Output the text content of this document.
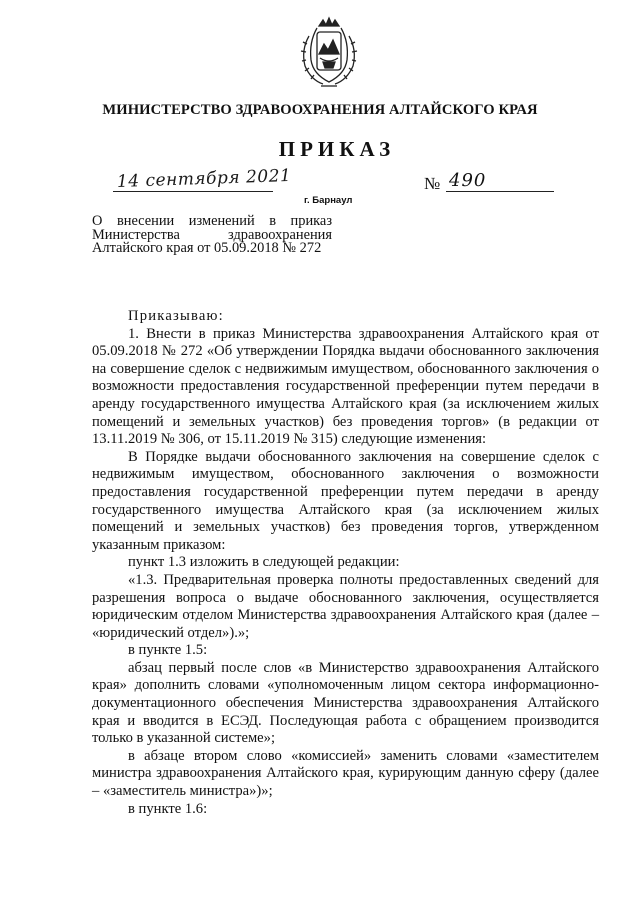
МИНИСТЕРСТВО ЗДРАВООХРАНЕНИЯ АЛТАЙСКОГО КРАЯ
ПРИКАЗ
14 сентября 2021
г. Барнаул
№ 490
О внесении изменений в приказ
Министерства здравоохранения
Алтайского края от 05.09.2018 № 272

Приказываю:

1. Внести в приказ Министерства здравоохранения Алтайского края от 05.09.2018 № 272 «Об утверждении Порядка выдачи обоснованного заключения на совершение сделок с недвижимым имуществом, обоснованного заключения о возможности предоставления государственной преференции путем передачи в аренду государственного имущества Алтайского края (за исключением жилых помещений и земельных участков) без проведения торгов» (в редакции от 13.11.2019 № 306, от 15.11.2019 № 315) следующие изменения:

В Порядке выдачи обоснованного заключения на совершение сделок с недвижимым имуществом, обоснованного заключения о возможности предоставления государственной преференции путем передачи в аренду государственного имущества Алтайского края (за исключением жилых помещений и земельных участков) без проведения торгов, утвержденном указанным приказом:

пункт 1.3 изложить в следующей редакции:

«1.3. Предварительная проверка полноты предоставленных сведений для разрешения вопроса о выдаче обоснованного заключения, осуществляется юридическим отделом Министерства здравоохранения Алтайского края (далее – «юридический отдел»).»;

в пункте 1.5:

абзац первый после слов «в Министерство здравоохранения Алтайского края» дополнить словами «уполномоченным лицом сектора информационно-документационного обеспечения Министерства здравоохранения Алтайского края и вводится в ЕСЭД. Последующая работа с обращением производится только в указанной системе»;

в абзаце втором слово «комиссией» заменить словами «заместителем министра здравоохранения Алтайского края, курирующим данную сферу (далее – «заместитель министра»)»;

в пункте 1.6:
